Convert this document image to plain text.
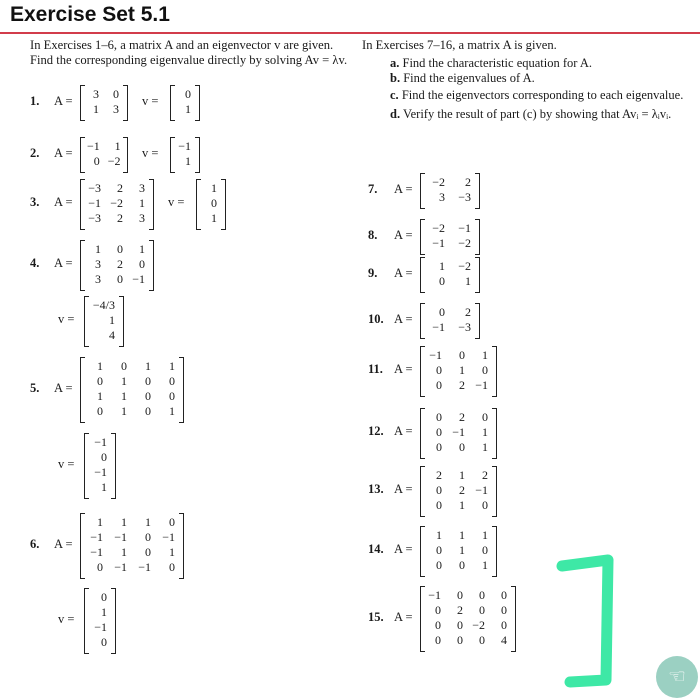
Exercise Set 5.1
In Exercises 1–6, a matrix A and an eigenvector v are given. Find the corresponding eigenvalue directly by solving Av = λv.
In Exercises 7–16, a matrix A is given.
a. Find the characteristic equation for A.
b. Find the eigenvalues of A.
c. Find the eigenvectors corresponding to each eigenvalue.
d. Verify the result of part (c) by showing that Avᵢ = λᵢvᵢ.
1. A = 3	0
1	3
v = 0
1
2. A = −1	1
0	−2
v = −1
1
3. A =
−3	2	3
−1	−2	1
−3	2	3
v =
1
0
1
4. A =
1	0	1
3	2	0
3	0	−1
v =
−4/3
1
4
5. A =
1	0	1	1
0	1	0	0
1	1	0	0
0	1	0	1
v =
−1
0
−1
1
6. A =
1	1	1	0
−1	−1	0	−1
−1	1	0	1
0	−1	−1	0
v =
0
1
−1
0
7. A = −2	2
3	−3
8. A = −2	−1
−1	−2
9. A = 1	−2
0	1
10. A = 0	2
−1	−3
11. A =
−1	0	1
0	1	0
0	2	−1
12. A =
0	2	0
0	−1	1
0	0	1
13. A =
2	1	2
0	2	−1
0	1	0
14. A =
1	1	1
0	1	0
0	0	1
15. A =
−1	0	0	0
0	2	0	0
0	0	−2	0
0	0	0	4
☜
